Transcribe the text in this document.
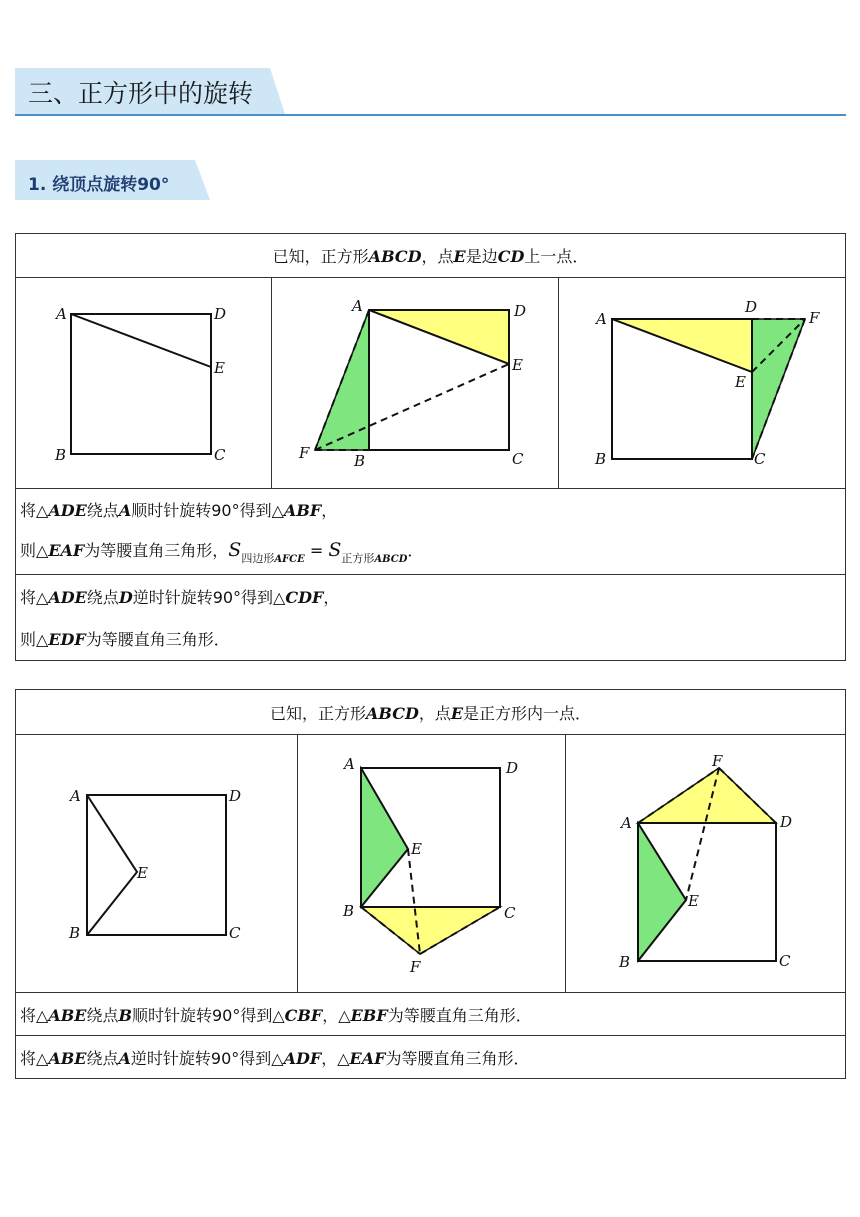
三、正方形中的旋转
1. 绕顶点旋转90°
已知，正方形ABCD，点E是边CD上一点．
A	D
E
B	C
A	D
E
F	B	C
A
D
F
E
B	C
将△ADE绕点A顺时针旋转90°得到△ABF，
则△EAF为等腰直角三角形，$S_{四边形AFCE} = S_{正方形ABCD}$．
将△ADE绕点D逆时针旋转90°得到△CDF，
则△EDF为等腰直角三角形．
已知，正方形ABCD，点E是正方形内一点．
A	D
E
B	C
A	D
E
B	C
F
A
F
D
E
B	C
将△ABE绕点B顺时针旋转90°得到△CBF，△EBF为等腰直角三角形．
将△ABE绕点A逆时针旋转90°得到△ADF，△EAF为等腰直角三角形．
